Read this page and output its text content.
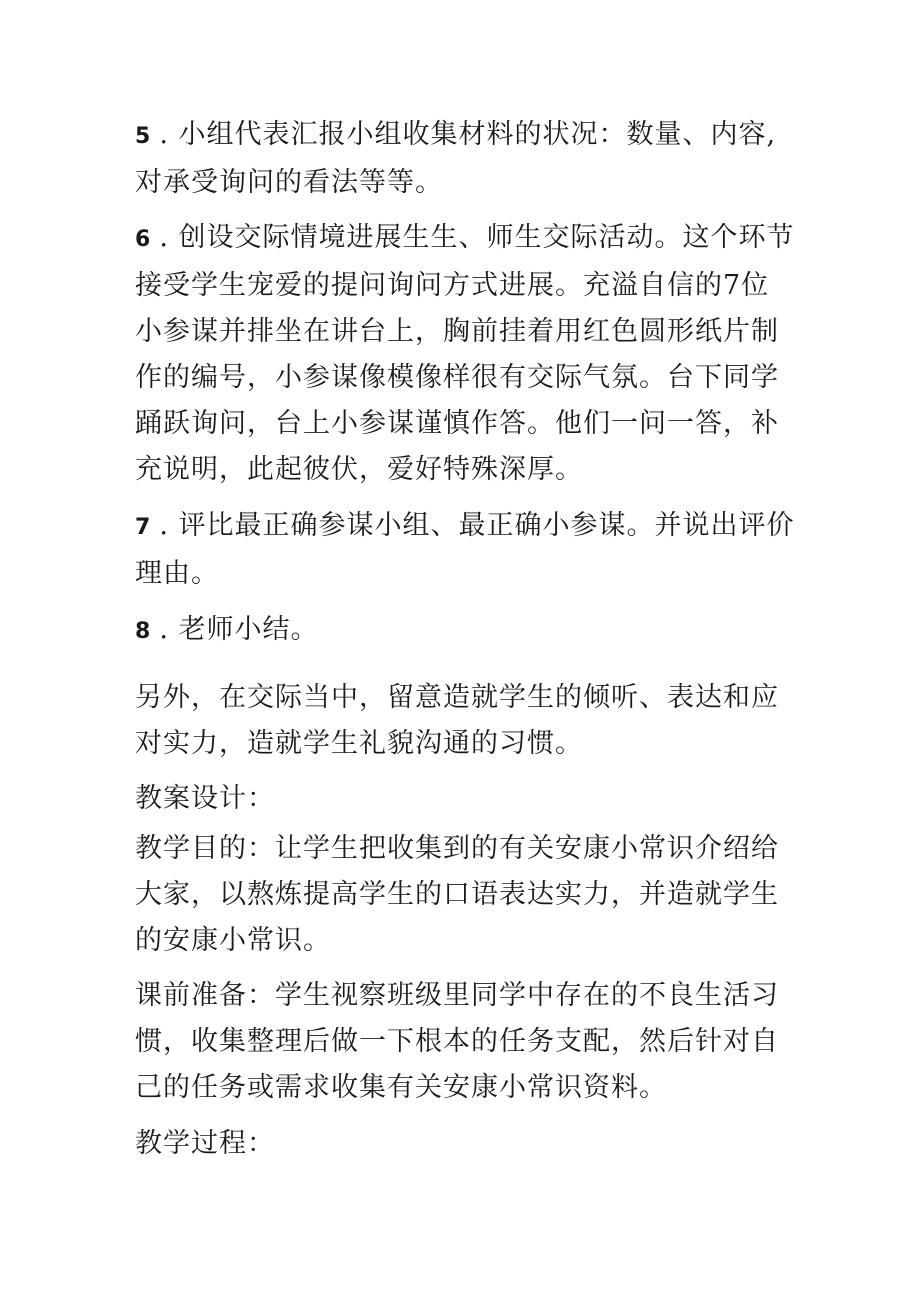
5 . 小组代表汇报小组收集材料的状况：数量、内容, 对承受询问的看法等等。
6 . 创设交际情境进展生生、师生交际活动。这个环节接受学生宠爱的提问询问方式进展。充溢自信的7位小参谋并排坐在讲台上，胸前挂着用红色圆形纸片制作的编号，小参谋像模像样很有交际气氛。台下同学踊跃询问，台上小参谋谨慎作答。他们一问一答，补充说明，此起彼伏，爱好特殊深厚。
7 . 评比最正确参谋小组、最正确小参谋。并说出评价理由。
8 . 老师小结。
另外，在交际当中，留意造就学生的倾听、表达和应对实力，造就学生礼貌沟通的习惯。
教案设计：
教学目的：让学生把收集到的有关安康小常识介绍给大家，以熬炼提高学生的口语表达实力，并造就学生的安康小常识。
课前准备：学生视察班级里同学中存在的不良生活习惯，收集整理后做一下根本的任务支配，然后针对自己的任务或需求收集有关安康小常识资料。
教学过程：
